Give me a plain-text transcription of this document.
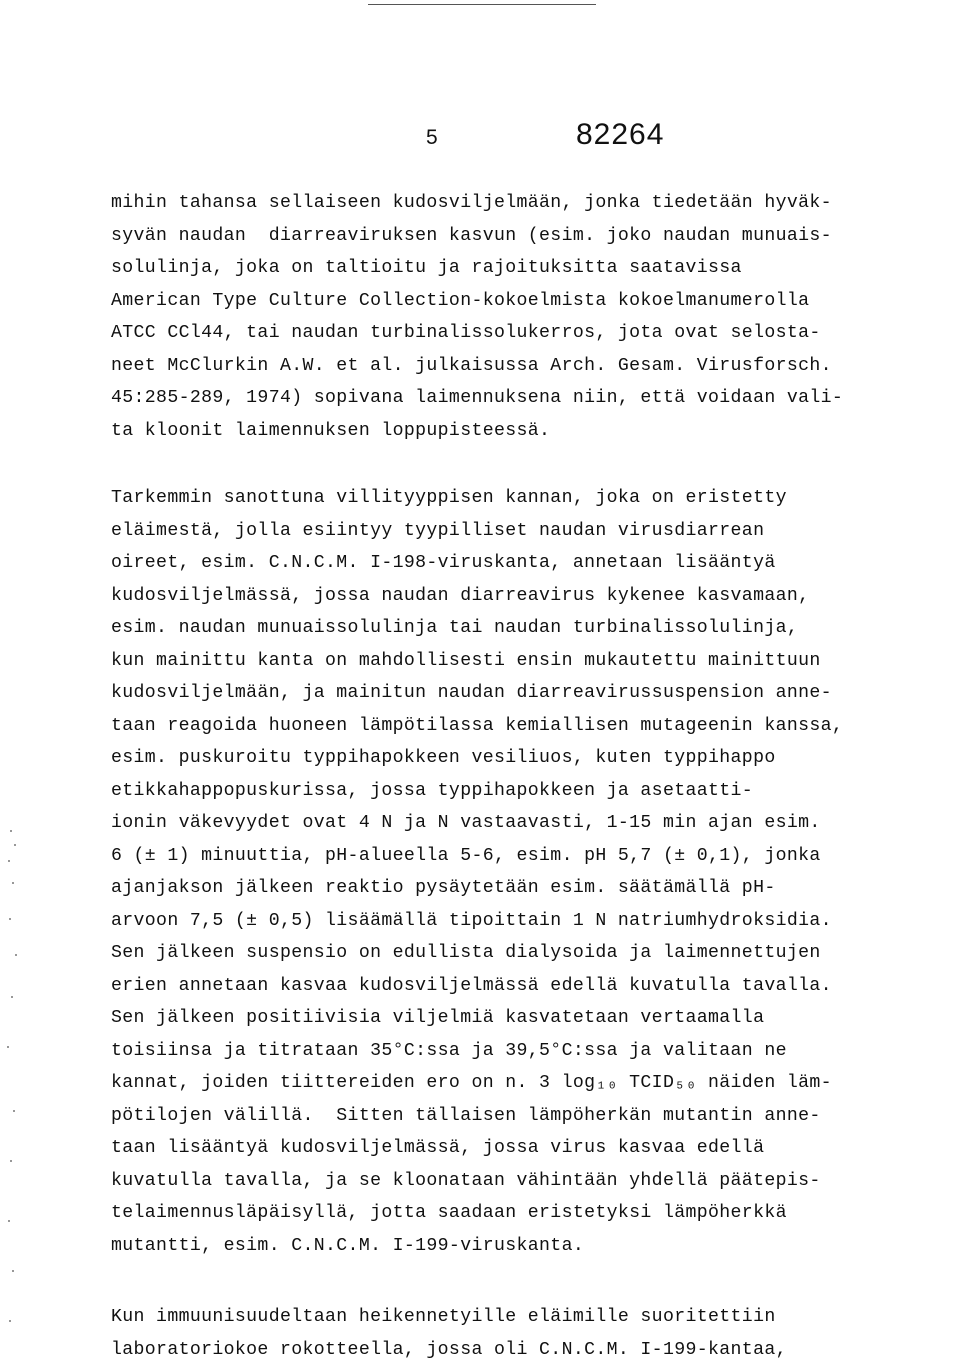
5	82264
mihin tahansa sellaiseen kudosviljelmään, jonka tiedetään hyväk-
syvän naudan  diarreaviruksen kasvun (esim. joko naudan munuais-
solulinja, joka on taltioitu ja rajoituksitta saatavissa
American Type Culture Collection-kokoelmista kokoelmanumerolla
ATCC CCl44, tai naudan turbinalissolukerros, jota ovat selosta-
neet McClurkin A.W. et al. julkaisussa Arch. Gesam. Virusforsch.
45:285-289, 1974) sopivana laimennuksena niin, että voidaan vali-
ta kloonit laimennuksen loppupisteessä.
Tarkemmin sanottuna villityyppisen kannan, joka on eristetty
eläimestä, jolla esiintyy tyypilliset naudan virusdiarrean
oireet, esim. C.N.C.M. I-198-viruskanta, annetaan lisääntyä
kudosviljelmässä, jossa naudan diarreavirus kykenee kasvamaan,
esim. naudan munuaissolulinja tai naudan turbinalissolulinja,
kun mainittu kanta on mahdollisesti ensin mukautettu mainittuun
kudosviljelmään, ja mainitun naudan diarreavirussuspension anne-
taan reagoida huoneen lämpötilassa kemiallisen mutageenin kanssa,
esim. puskuroitu typpihapokkeen vesiliuos, kuten typpihappo
etikkahappopuskurissa, jossa typpihapokkeen ja asetaatti-
ionin väkevyydet ovat 4 N ja N vastaavasti, 1-15 min ajan esim.
6 (± 1) minuuttia, pH-alueella 5-6, esim. pH 5,7 (± 0,1), jonka
ajanjakson jälkeen reaktio pysäytetään esim. säätämällä pH-
arvoon 7,5 (± 0,5) lisäämällä tipoittain 1 N natriumhydroksidia.
Sen jälkeen suspensio on edullista dialysoida ja laimennettujen
erien annetaan kasvaa kudosviljelmässä edellä kuvatulla tavalla.
Sen jälkeen positiivisia viljelmiä kasvatetaan vertaamalla
toisiinsa ja titrataan 35°C:ssa ja 39,5°C:ssa ja valitaan ne
kannat, joiden tiittereiden ero on n. 3 log₁₀ TCID₅₀ näiden läm-
pötilojen välillä.  Sitten tällaisen lämpöherkän mutantin anne-
taan lisääntyä kudosviljelmässä, jossa virus kasvaa edellä
kuvatulla tavalla, ja se kloonataan vähintään yhdellä päätepis-
telaimennusläpäisyllä, jotta saadaan eristetyksi lämpöherkkä
mutantti, esim. C.N.C.M. I-199-viruskanta.
Kun immuunisuudeltaan heikennetyille eläimille suoritettiin
laboratoriokoe rokotteella, jossa oli C.N.C.M. I-199-kantaa,
